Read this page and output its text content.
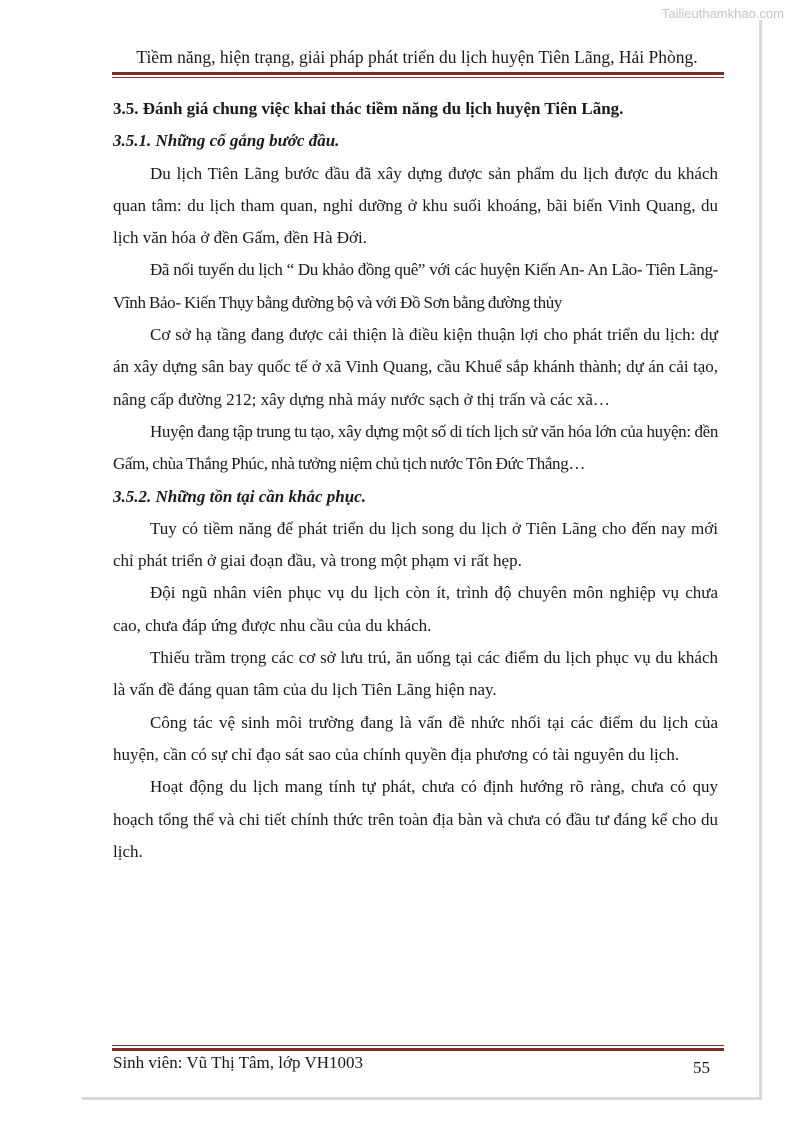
Tailieuthamkhao.com
Tiềm năng, hiện trạng, giải pháp phát triển du lịch huyện Tiên Lãng, Hải Phòng.
3.5. Đánh giá chung việc khai thác tiềm năng du lịch huyện Tiên Lãng.
3.5.1. Những cố gắng bước đầu.

Du lịch Tiên Lãng bước đầu đã xây dựng được sản phẩm du lịch được du khách quan tâm: du lịch tham quan, nghỉ dưỡng ở khu suối khoáng, bãi biển Vinh Quang, du lịch văn hóa ở đền Gấm, đền Hà Đới.

Đã nối tuyến du lịch “ Du khảo đồng quê” với các huyện Kiến An- An Lão- Tiên Lãng- Vĩnh Bảo- Kiến Thụy bằng đường bộ và với Đồ Sơn bằng đường thủy

Cơ sở hạ tầng đang được cải thiện là điều kiện thuận lợi cho phát triển du lịch: dự án xây dựng sân bay quốc tế ở xã Vinh Quang, cầu Khuể sắp khánh thành; dự án cải tạo, nâng cấp đường 212; xây dựng nhà máy nước sạch ở thị trấn và các xã…

Huyện đang tập trung tu tạo, xây dựng một số di tích lịch sử văn hóa lớn của huyện: đền Gấm, chùa Thắng Phúc, nhà tưởng niệm chủ tịch nước Tôn Đức Thắng…

3.5.2. Những tồn tại cần khắc phục.

Tuy có tiềm năng để phát triển du lịch song du lịch ở Tiên Lãng cho đến nay mới chỉ phát triển ở giai đoạn đầu, và trong một phạm vi rất hẹp.

Đội ngũ nhân viên phục vụ du lịch còn ít, trình độ chuyên môn nghiệp vụ chưa cao, chưa đáp ứng được nhu cầu của du khách.

Thiếu trầm trọng các cơ sở lưu trú, ăn uống tại các điểm du lịch phục vụ du khách là vấn đề đáng quan tâm của du lịch Tiên Lãng hiện nay.

Công tác vệ sinh môi trường đang là vấn đề nhức nhối tại các điểm du lịch của huyện, cần có sự chỉ đạo sát sao của chính quyền địa phương có tài nguyên du lịch.

Hoạt động du lịch mang tính tự phát, chưa có định hướng rõ ràng, chưa có quy hoạch tổng thể và chi tiết chính thức trên toàn địa bàn và chưa có đầu tư đáng kể cho du lịch.

Sinh viên: Vũ Thị Tâm, lớp VH1003	55
